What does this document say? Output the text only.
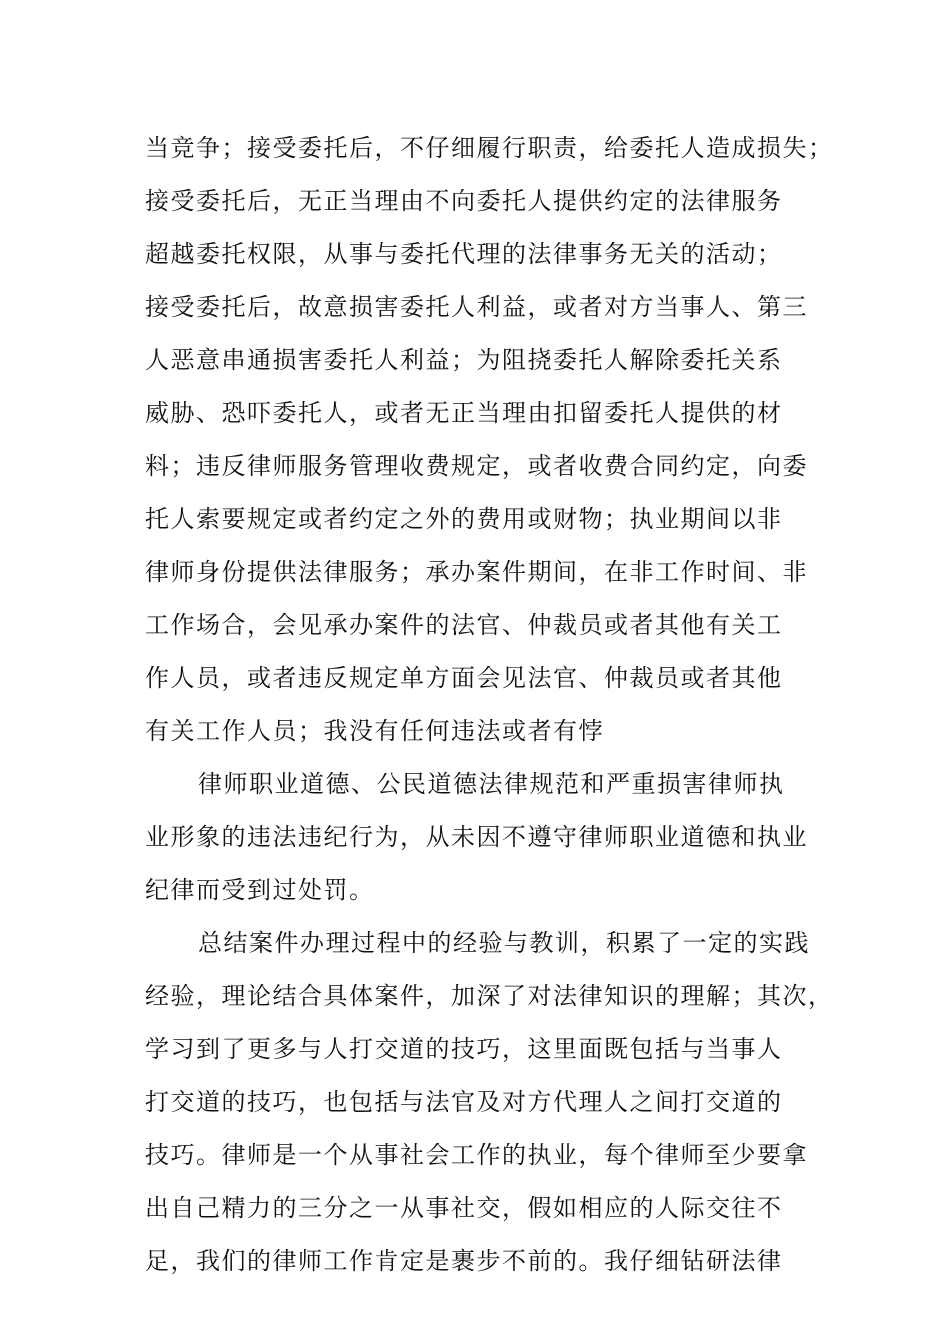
当竞争；接受委托后，不仔细履行职责，给委托人造成损失；
接受委托后，无正当理由不向委托人提供约定的法律服务
超越委托权限，从事与委托代理的法律事务无关的活动；
接受委托后，故意损害委托人利益，或者对方当事人、第三
人恶意串通损害委托人利益；为阻挠委托人解除委托关系
威胁、恐吓委托人，或者无正当理由扣留委托人提供的材
料；违反律师服务管理收费规定，或者收费合同约定，向委
托人索要规定或者约定之外的费用或财物；执业期间以非
律师身份提供法律服务；承办案件期间，在非工作时间、非
工作场合，会见承办案件的法官、仲裁员或者其他有关工
作人员，或者违反规定单方面会见法官、仲裁员或者其他
有关工作人员；我没有任何违法或者有悖
律师职业道德、公民道德法律规范和严重损害律师执
业形象的违法违纪行为，从未因不遵守律师职业道德和执业
纪律而受到过处罚。
总结案件办理过程中的经验与教训，积累了一定的实践
经验，理论结合具体案件，加深了对法律知识的理解；其次，
学习到了更多与人打交道的技巧，这里面既包括与当事人
打交道的技巧，也包括与法官及对方代理人之间打交道的
技巧。律师是一个从事社会工作的执业，每个律师至少要拿
出自己精力的三分之一从事社交，假如相应的人际交往不
足，我们的律师工作肯定是裹步不前的。我仔细钻研法律
